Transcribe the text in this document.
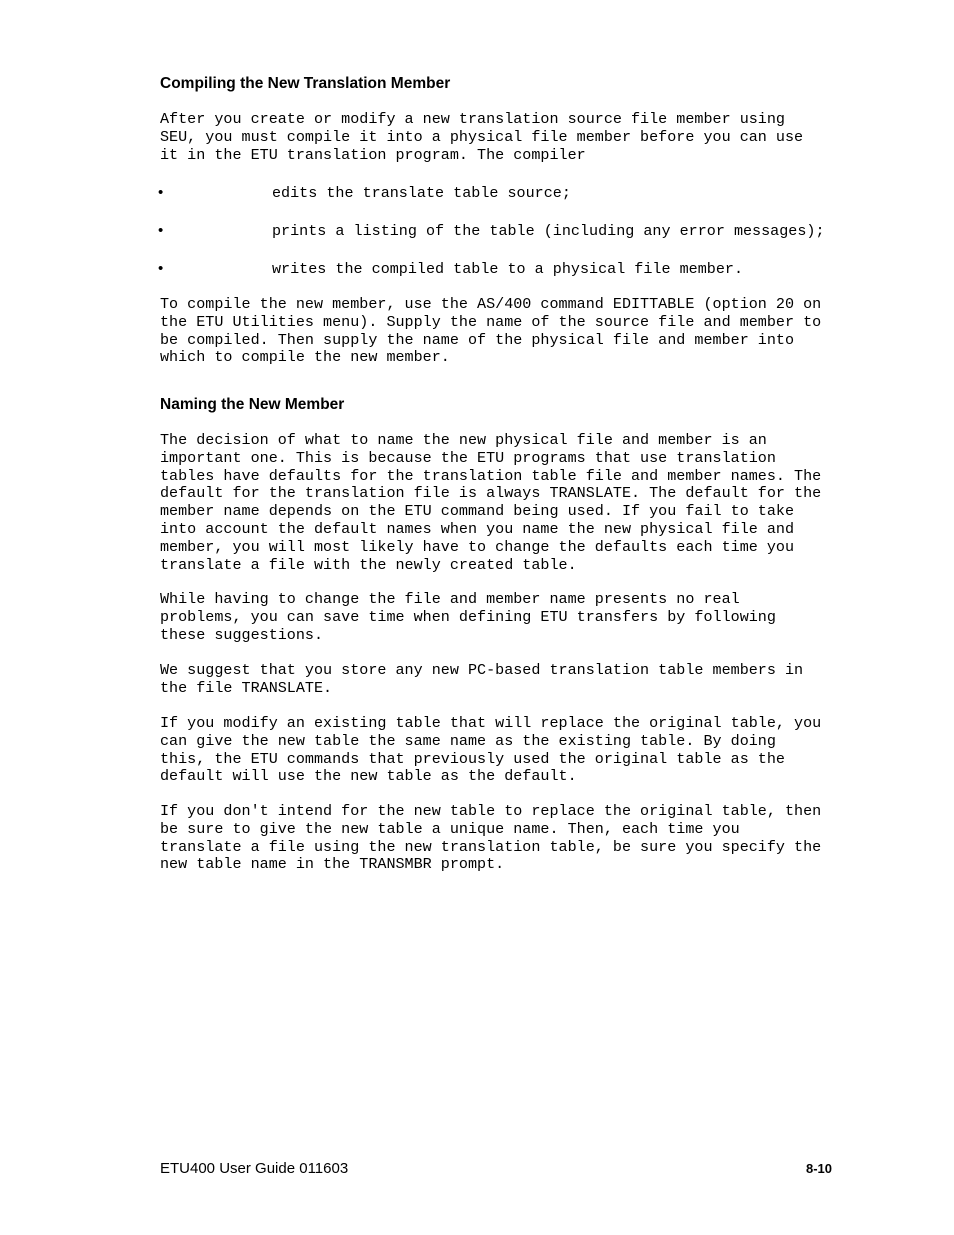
Compiling the New Translation Member

After you create or modify a new translation source file member using
SEU, you must compile it into a physical file member before you can use
it in the ETU translation program. The compiler

•	edits the translate table source;
•	prints a listing of the table (including any error messages);
•	writes the compiled table to a physical file member.

To compile the new member, use the AS/400 command EDITTABLE (option 20 on
the ETU Utilities menu). Supply the name of the source file and member to
be compiled. Then supply the name of the physical file and member into
which to compile the new member.

Naming the New Member

The decision of what to name the new physical file and member is an
important one. This is because the ETU programs that use translation
tables have defaults for the translation table file and member names. The
default for the translation file is always TRANSLATE. The default for the
member name depends on the ETU command being used. If you fail to take
into account the default names when you name the new physical file and
member, you will most likely have to change the defaults each time you
translate a file with the newly created table.

While having to change the file and member name presents no real
problems, you can save time when defining ETU transfers by following
these suggestions.

We suggest that you store any new PC-based translation table members in
the file TRANSLATE.

If you modify an existing table that will replace the original table, you
can give the new table the same name as the existing table. By doing
this, the ETU commands that previously used the original table as the
default will use the new table as the default.

If you don't intend for the new table to replace the original table, then
be sure to give the new table a unique name. Then, each time you
translate a file using the new translation table, be sure you specify the
new table name in the TRANSMBR prompt.

ETU400 User Guide 011603	8-10
